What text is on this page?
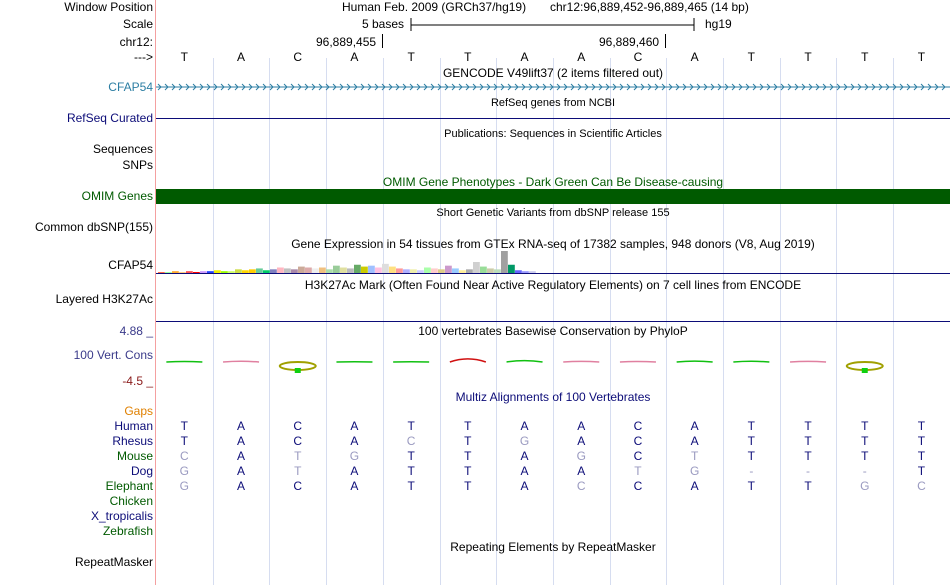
Window Position
Scale
chr12:
--->
Human Feb. 2009 (GRCh37/hg19) chr12:96,889,452-96,889,465 (14 bp)
5 bases	hg19
96,889,455	96,889,460
T	A	C	A	T	T	A	A	C	A	T	T	T	T
GENCODE V49lift37 (2 items filtered out)
CFAP54
RefSeq genes from NCBI
RefSeq Curated
Publications: Sequences in Scientific Articles
Sequences
SNPs
OMIM Gene Phenotypes - Dark Green Can Be Disease-causing
OMIM Genes
Short Genetic Variants from dbSNP release 155
Common dbSNP(155)
Gene Expression in 54 tissues from GTEx RNA-seq of 17382 samples, 948 donors (V8, Aug 2019)
CFAP54
H3K27Ac Mark (Often Found Near Active Regulatory Elements) on 7 cell lines from ENCODE
Layered H3K27Ac
100 vertebrates Basewise Conservation by PhyloP
4.88 _
100 Vert. Cons
-4.5 _
Multiz Alignments of 100 Vertebrates
Gaps
Human	T	A	C	A	T	T	A	A	C	A	T	T	T	T
Rhesus	T	A	C	A	C	T	G	A	C	A	T	T	T	T
Mouse	C	A	T	G	T	T	A	G	C	T	T	T	T	T
Dog	G	A	T	A	T	T	A	A	T	G	-	-	-	T
Elephant	G	A	C	A	T	T	A	C	C	A	T	T	G	C
Chicken
X_tropicalis
Zebrafish
Repeating Elements by RepeatMasker
RepeatMasker
